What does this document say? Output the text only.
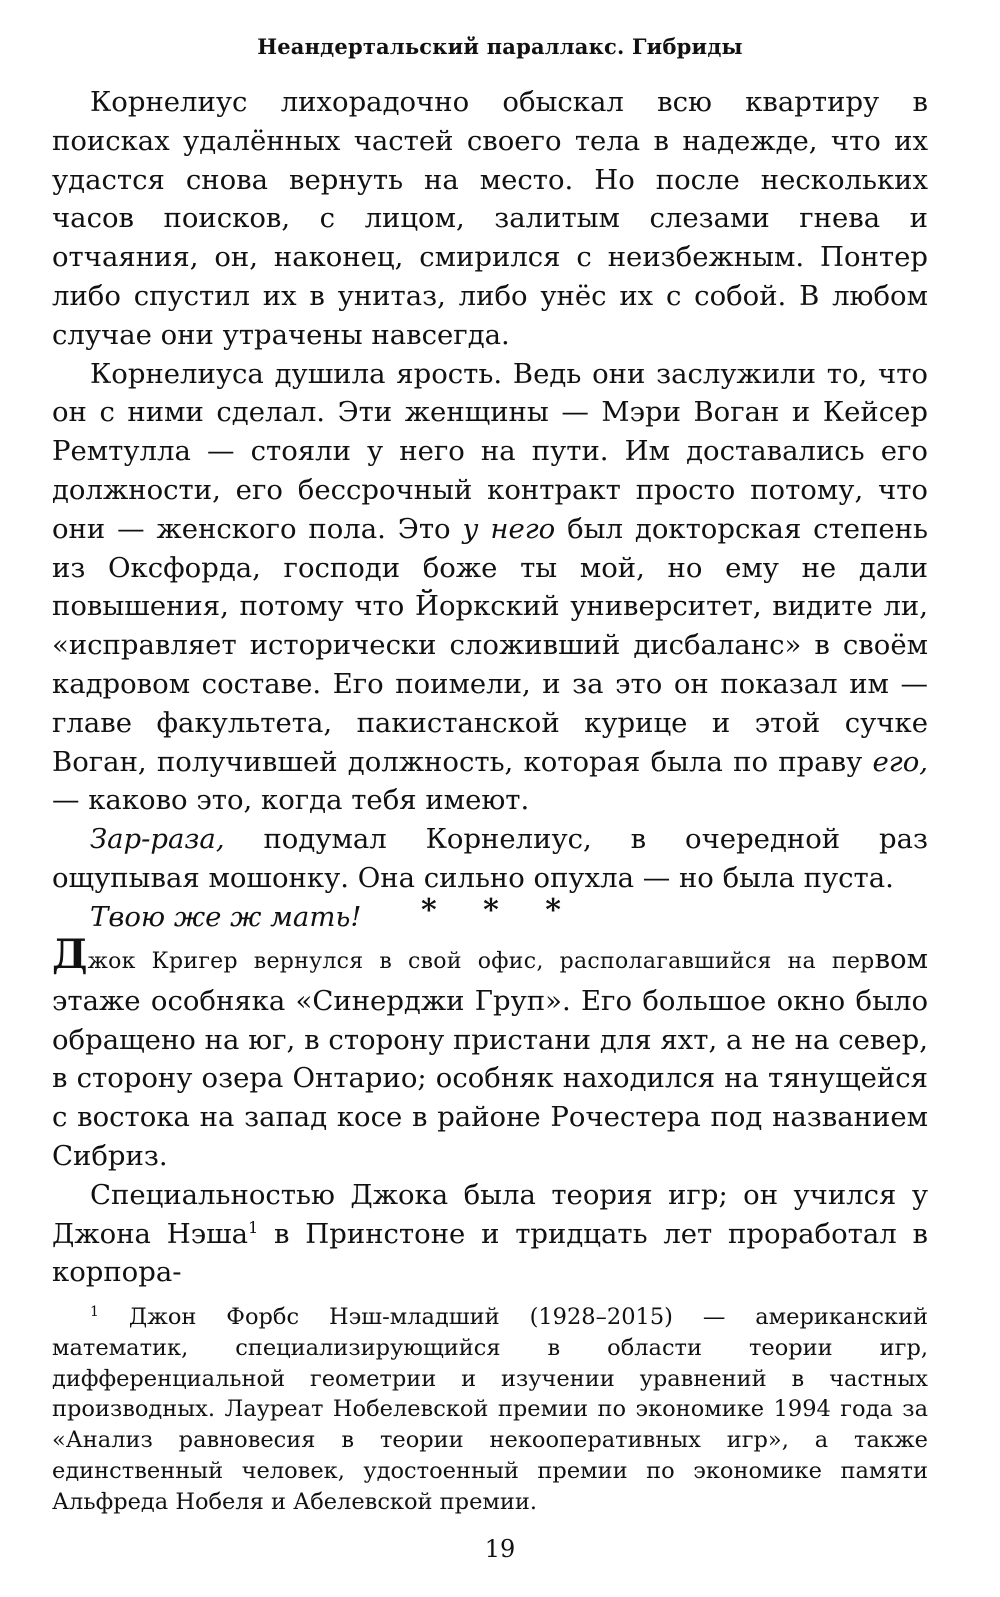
Неандертальский параллакс. Гибриды

Корнелиус лихорадочно обыскал всю квартиру в поисках удалённых частей своего тела в надежде, что их удастся снова вернуть на место. Но после нескольких часов поисков, с лицом, залитым слезами гнева и отчаяния, он, наконец, смирился с неизбежным. Понтер либо спустил их в унитаз, либо унёс их с собой. В любом случае они утрачены навсегда.

Корнелиуса душила ярость. Ведь они заслужили то, что он с ними сделал. Эти женщины — Мэри Воган и Кейсер Ремтулла — стояли у него на пути. Им доставались его должности, его бессрочный контракт просто потому, что они — женского пола. Это у него был докторская степень из Оксфорда, господи боже ты мой, но ему не дали повышения, потому что Йоркский университет, видите ли, «исправляет исторически сложивший дисбаланс» в своём кадровом составе. Его поимели, и за это он показал им — главе факультета, пакистанской курице и этой сучке Воган, получившей должность, которая была по праву его, — каково это, когда тебя имеют.

Зар-раза, подумал Корнелиус, в очередной раз ощупывая мошонку. Она сильно опухла — но была пуста.

Твою же ж мать!	* * *

Джок Кригер вернулся в свой офис, располагавшийся на первом этаже особняка «Синерджи Груп». Его большое окно было обращено на юг, в сторону пристани для яхт, а не на север, в сторону озера Онтарио; особняк находился на тянущейся с востока на запад косе в районе Рочестера под названием Сибриз.

Специальностью Джока была теория игр; он учился у Джона Нэша$^1$ в Принстоне и тридцать лет проработал в корпора-

$^1$ Джон Форбс Нэш-младший (1928–2015) — американский математик, специализирующийся в области теории игр, дифференциальной геометрии и изучении уравнений в частных производных. Лауреат Нобелевской премии по экономике 1994 года за «Анализ равновесия в теории некооперативных игр», а также единственный человек, удостоенный премии по экономике памяти Альфреда Нобеля и Абелевской премии.

19
